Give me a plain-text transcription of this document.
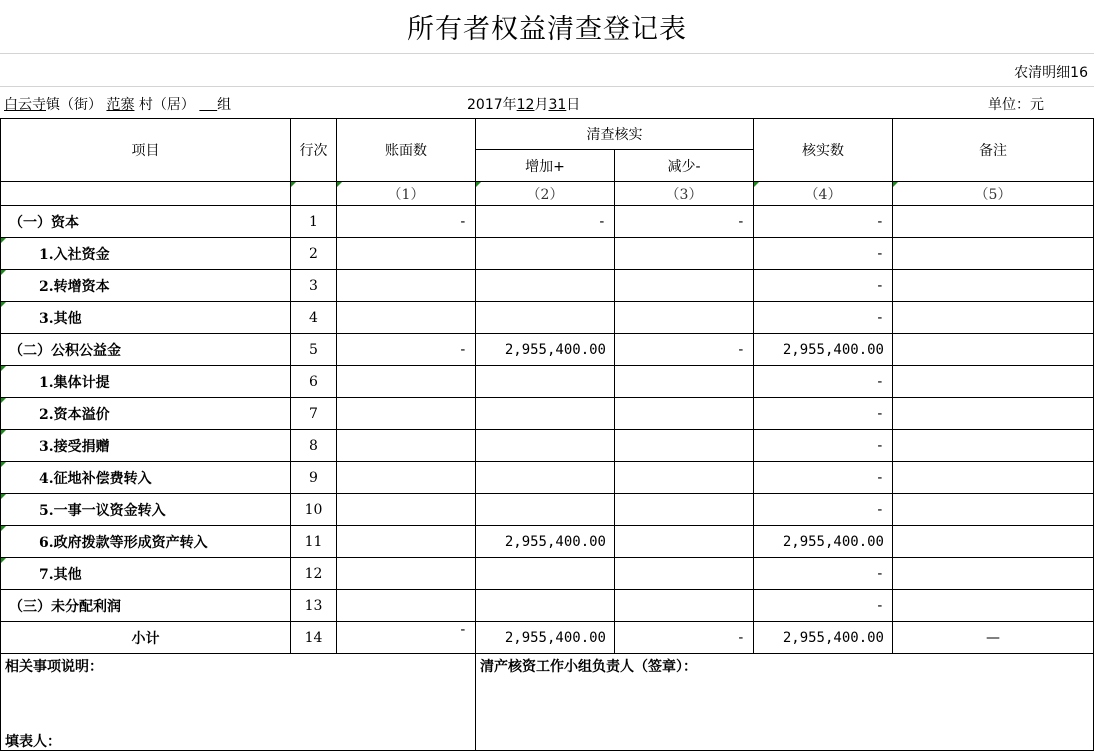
所有者权益清查登记表
农清明细16
白云寺镇（街） 范寨 村（居） 组	2017年12月31日	单位：元
项目	行次	账面数	清查核实		核实数	备注
			增加+	减少-		
		（1）	（2）	（3）	（4）	（5）
（一）资本	1	-	-	-	-	
1.入社资金	2				-	
2.转增资本	3				-	
3.其他	4				-	
（二）公积公益金	5	-	2,955,400.00	-	2,955,400.00	
1.集体计提	6				-	
2.资本溢价	7				-	
3.接受捐赠	8				-	
4.征地补偿费转入	9				-	
5.一事一议资金转入	10				-	
6.政府拨款等形成资产转入	11		2,955,400.00		2,955,400.00	
7.其他	12				-	
（三）未分配利润	13				-	
小计	14	-	2,955,400.00	-	2,955,400.00	—
相关事项说明：
填表人：			清产核资工作小组负责人（签章）：			
